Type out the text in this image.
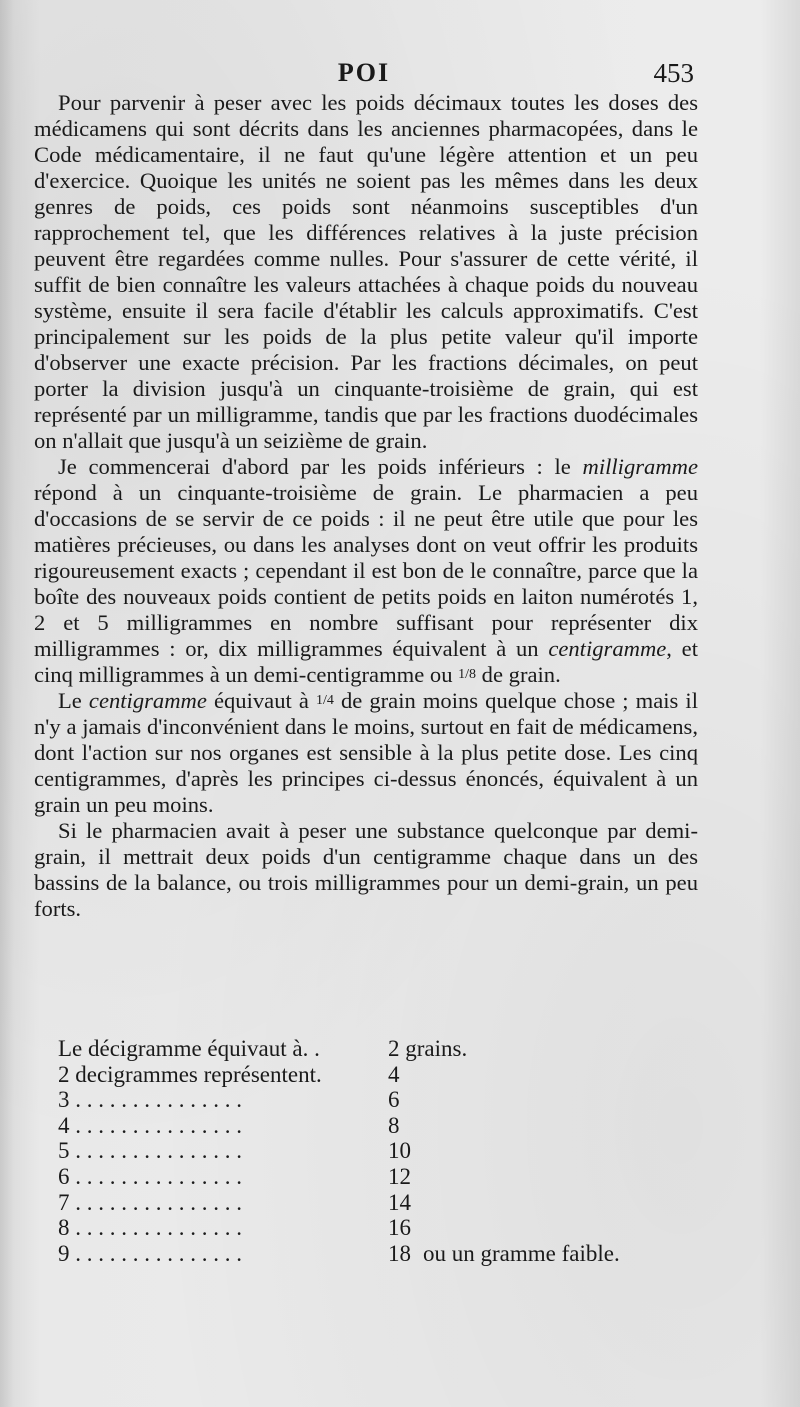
POI	453

Pour parvenir à peser avec les poids décimaux toutes les doses des médicamens qui sont décrits dans les anciennes pharmacopées, dans le Code médicamentaire, il ne faut qu'une légère attention et un peu d'exercice. Quoique les unités ne soient pas les mêmes dans les deux genres de poids, ces poids sont néanmoins susceptibles d'un rapprochement tel, que les différences relatives à la juste précision peuvent être regardées comme nulles. Pour s'assurer de cette vérité, il suffit de bien connaître les valeurs attachées à chaque poids du nouveau système, ensuite il sera facile d'établir les calculs approximatifs. C'est principalement sur les poids de la plus petite valeur qu'il importe d'observer une exacte précision. Par les fractions décimales, on peut porter la division jusqu'à un cinquante-troisième de grain, qui est représenté par un milligramme, tandis que par les fractions duodécimales on n'allait que jusqu'à un seizième de grain.

Je commencerai d'abord par les poids inférieurs : le milligramme répond à un cinquante-troisième de grain. Le pharmacien a peu d'occasions de se servir de ce poids : il ne peut être utile que pour les matières précieuses, ou dans les analyses dont on veut offrir les produits rigoureusement exacts ; cependant il est bon de le connaître, parce que la boîte des nouveaux poids contient de petits poids en laiton numérotés 1, 2 et 5 milligrammes en nombre suffisant pour représenter dix milligrammes : or, dix milligrammes équivalent à un centigramme, et cinq milligrammes à un demi-centigramme ou 1/8 de grain.

Le centigramme équivaut à 1/4 de grain moins quelque chose ; mais il n'y a jamais d'inconvénient dans le moins, surtout en fait de médicamens, dont l'action sur nos organes est sensible à la plus petite dose. Les cinq centigrammes, d'après les principes ci-dessus énoncés, équivalent à un grain un peu moins.

Si le pharmacien avait à peser une substance quelconque par demi-grain, il mettrait deux poids d'un centigramme chaque dans un des bassins de la balance, ou trois milligrammes pour un demi-grain, un peu forts.

Le décigramme équivaut à. .	2 grains.
2 decigrammes représentent.	4
3 . . . . . . . . . . . . . . .	6
4 . . . . . . . . . . . . . . .	8
5 . . . . . . . . . . . . . . .	10
6 . . . . . . . . . . . . . . .	12
7 . . . . . . . . . . . . . . .	14
8 . . . . . . . . . . . . . . .	16
9 . . . . . . . . . . . . . . .	18 ou un gramme faible.
